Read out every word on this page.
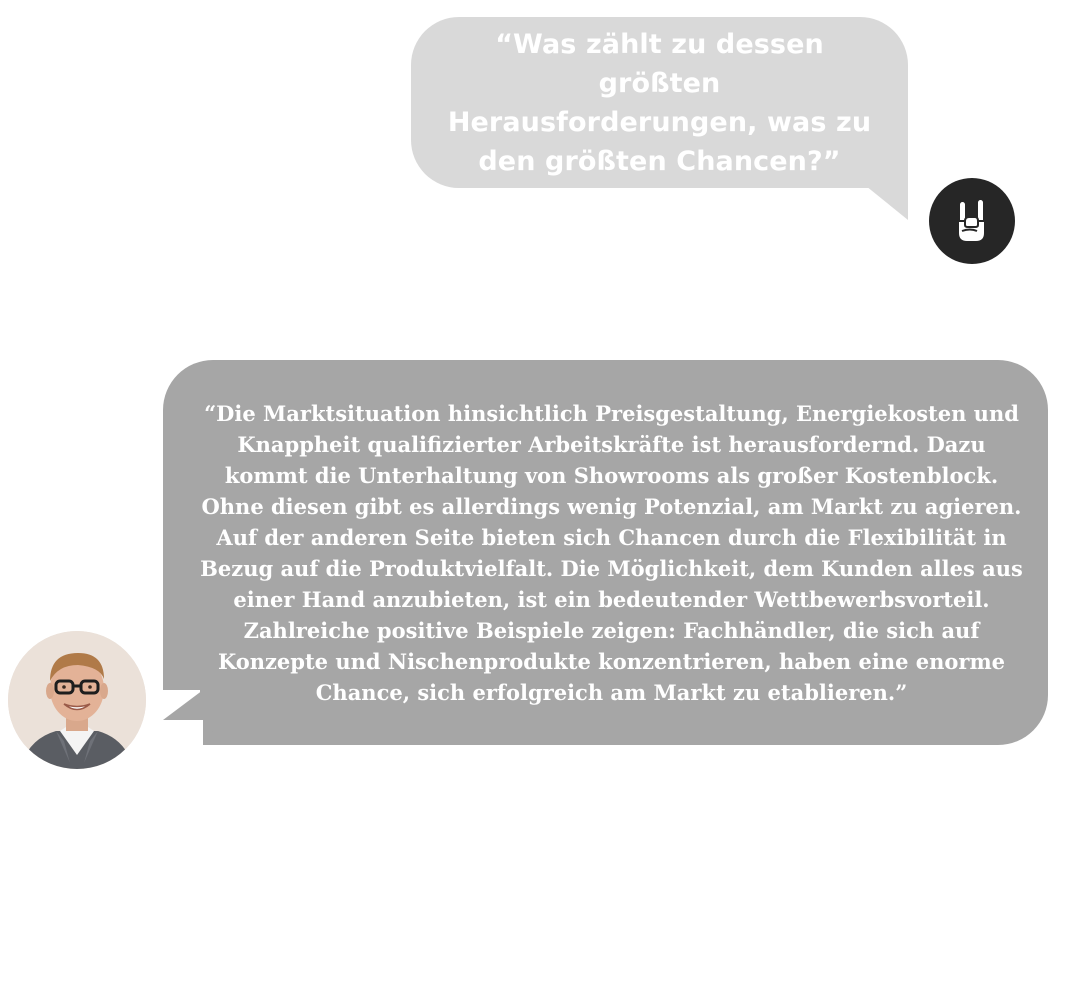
“Was zählt zu dessen größten Herausforderungen, was zu den größten Chancen?”

“Die Marktsituation hinsichtlich Preisgestaltung, Energiekosten und Knappheit qualifizierter Arbeitskräfte ist herausfordernd. Dazu kommt die Unterhaltung von Showrooms als großer Kostenblock. Ohne diesen gibt es allerdings wenig Potenzial, am Markt zu agieren. Auf der anderen Seite bieten sich Chancen durch die Flexibilität in Bezug auf die Produktvielfalt. Die Möglichkeit, dem Kunden alles aus einer Hand anzubieten, ist ein bedeutender Wettbewerbsvorteil. Zahlreiche positive Beispiele zeigen: Fachhändler, die sich auf Konzepte und Nischenprodukte konzentrieren, haben eine enorme Chance, sich erfolgreich am Markt zu etablieren.”
